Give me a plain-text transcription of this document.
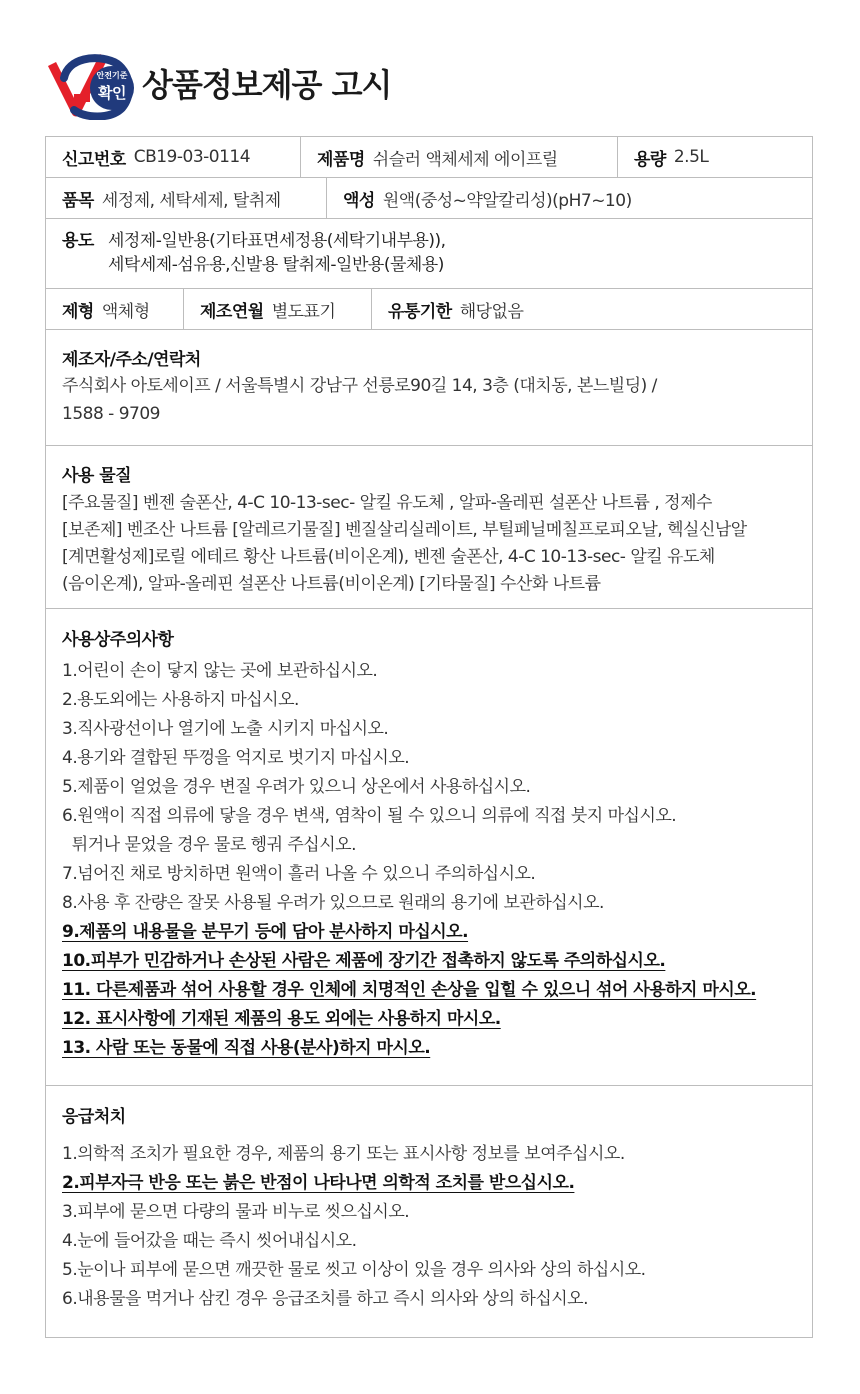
안전기준
확인 상품정보제공 고시
신고번호 CB19-03-0114	제품명 쉬슬러 액체세제 에이프릴	용량 2.5L
품목 세정제, 세탁세제, 탈취제	액성 원액(중성~약알칼리성)(pH7~10)
용도 세정제-일반용(기타표면세정용(세탁기내부용)),
세탁세제-섬유용,신발용 탈취제-일반용(물체용)
제형 액체형	제조연월 별도표기	유통기한 해당없음
제조자/주소/연락처
주식회사 아토세이프 / 서울특별시 강남구 선릉로90길 14, 3층 (대치동, 본느빌딩) /
1588 - 9709
사용 물질
[주요물질] 벤젠 술폰산, 4-C 10-13-sec- 알킬 유도체 , 알파-올레핀 설폰산 나트륨 , 정제수
[보존제] 벤조산 나트륨 [알레르기물질] 벤질살리실레이트, 부틸페닐메칠프로피오날, 헥실신남알
[계면활성제]로릴 에테르 황산 나트륨(비이온계), 벤젠 술폰산, 4-C 10-13-sec- 알킬 유도체
(음이온계), 알파-올레핀 설폰산 나트륨(비이온계) [기타물질] 수산화 나트륨
사용상주의사항
1.어린이 손이 닿지 않는 곳에 보관하십시오.
2.용도외에는 사용하지 마십시오.
3.직사광선이나 열기에 노출 시키지 마십시오.
4.용기와 결합된 뚜껑을 억지로 벗기지 마십시오.
5.제품이 얼었을 경우 변질 우려가 있으니 상온에서 사용하십시오.
6.원액이 직접 의류에 닿을 경우 변색, 염착이 될 수 있으니 의류에 직접 붓지 마십시오.
튀거나 묻었을 경우 물로 헹궈 주십시오.
7.넘어진 채로 방치하면 원액이 흘러 나올 수 있으니 주의하십시오.
8.사용 후 잔량은 잘못 사용될 우려가 있으므로 원래의 용기에 보관하십시오.
9.제품의 내용물을 분무기 등에 담아 분사하지 마십시오.
10.피부가 민감하거나 손상된 사람은 제품에 장기간 접촉하지 않도록 주의하십시오.
11. 다른제품과 섞어 사용할 경우 인체에 치명적인 손상을 입힐 수 있으니 섞어 사용하지 마시오.
12. 표시사항에 기재된 제품의 용도 외에는 사용하지 마시오.
13. 사람 또는 동물에 직접 사용(분사)하지 마시오.
응급처치
1.의학적 조치가 필요한 경우, 제품의 용기 또는 표시사항 정보를 보여주십시오.
2.피부자극 반응 또는 붉은 반점이 나타나면 의학적 조치를 받으십시오.
3.피부에 묻으면 다량의 물과 비누로 씻으십시오.
4.눈에 들어갔을 때는 즉시 씻어내십시오.
5.눈이나 피부에 묻으면 깨끗한 물로 씻고 이상이 있을 경우 의사와 상의 하십시오.
6.내용물을 먹거나 삼킨 경우 응급조치를 하고 즉시 의사와 상의 하십시오.
